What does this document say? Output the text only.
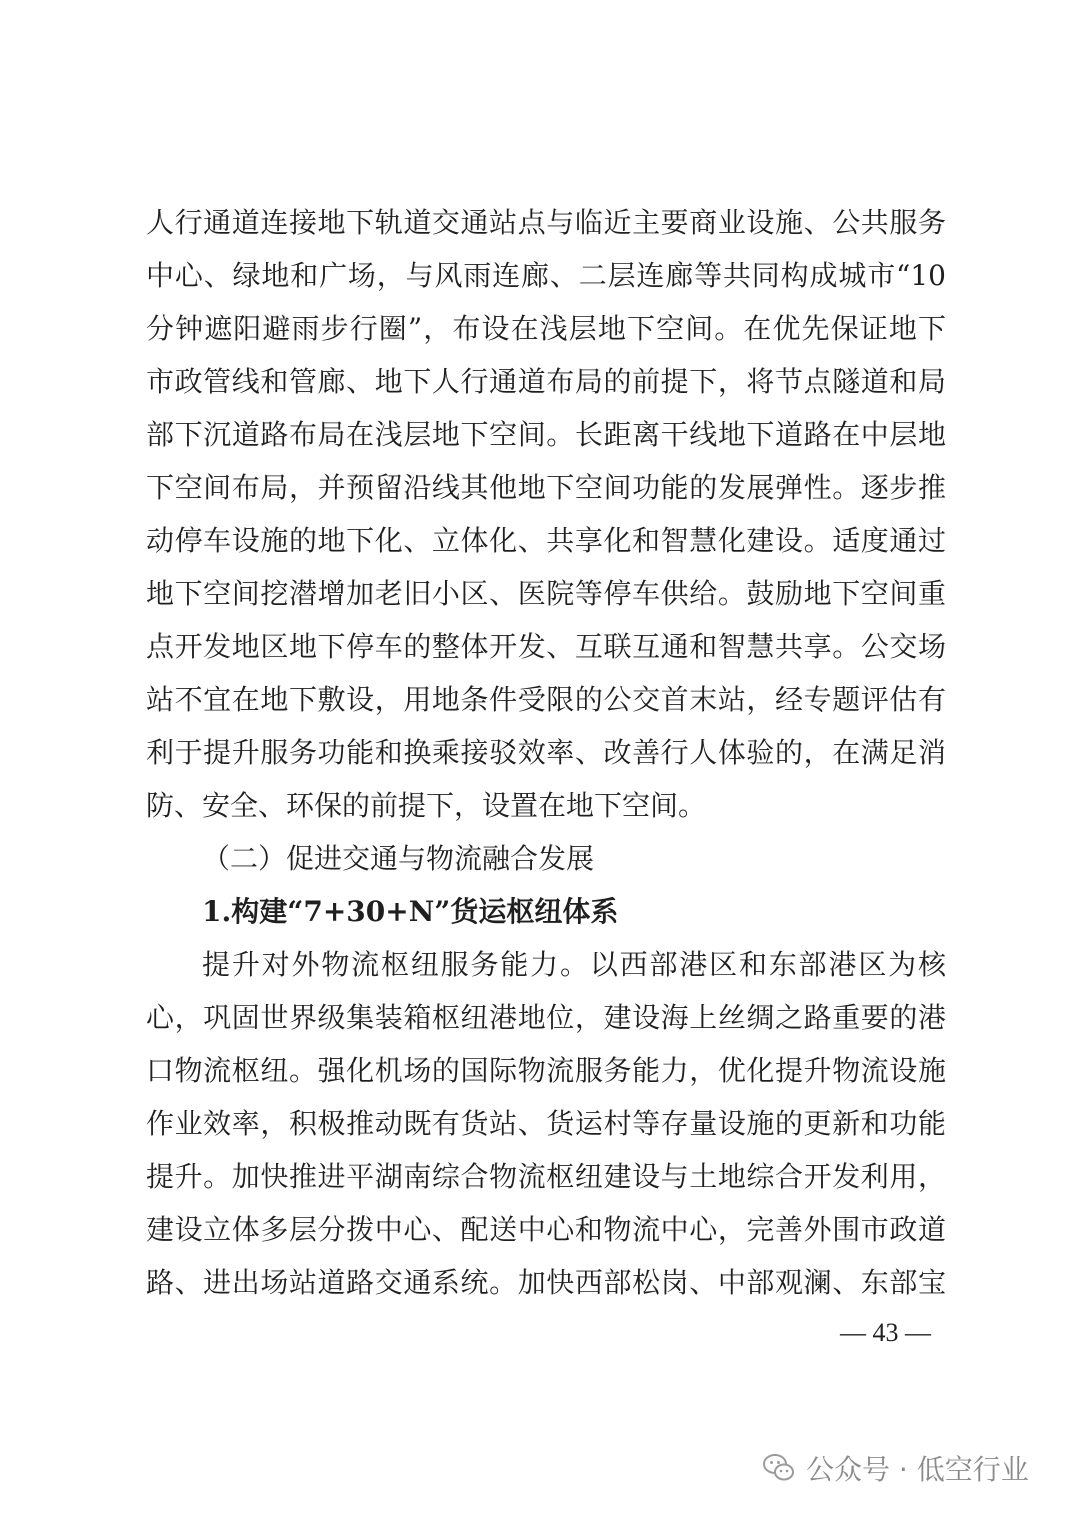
人行通道连接地下轨道交通站点与临近主要商业设施、公共服务
中心、绿地和广场，与风雨连廊、二层连廊等共同构成城市“10
分钟遮阳避雨步行圈”，布设在浅层地下空间。在优先保证地下
市政管线和管廊、地下人行通道布局的前提下，将节点隧道和局
部下沉道路布局在浅层地下空间。长距离干线地下道路在中层地
下空间布局，并预留沿线其他地下空间功能的发展弹性。逐步推
动停车设施的地下化、立体化、共享化和智慧化建设。适度通过
地下空间挖潜增加老旧小区、医院等停车供给。鼓励地下空间重
点开发地区地下停车的整体开发、互联互通和智慧共享。公交场
站不宜在地下敷设，用地条件受限的公交首末站，经专题评估有
利于提升服务功能和换乘接驳效率、改善行人体验的，在满足消
防、安全、环保的前提下，设置在地下空间。
（二）促进交通与物流融合发展
1.构建“7+30+N”货运枢纽体系
提升对外物流枢纽服务能力。以西部港区和东部港区为核
心，巩固世界级集装箱枢纽港地位，建设海上丝绸之路重要的港
口物流枢纽。强化机场的国际物流服务能力，优化提升物流设施
作业效率，积极推动既有货站、货运村等存量设施的更新和功能
提升。加快推进平湖南综合物流枢纽建设与土地综合开发利用，
建设立体多层分拨中心、配送中心和物流中心，完善外围市政道
路、进出场站道路交通系统。加快西部松岗、中部观澜、东部宝
— 43 —
公众号 · 低空行业
